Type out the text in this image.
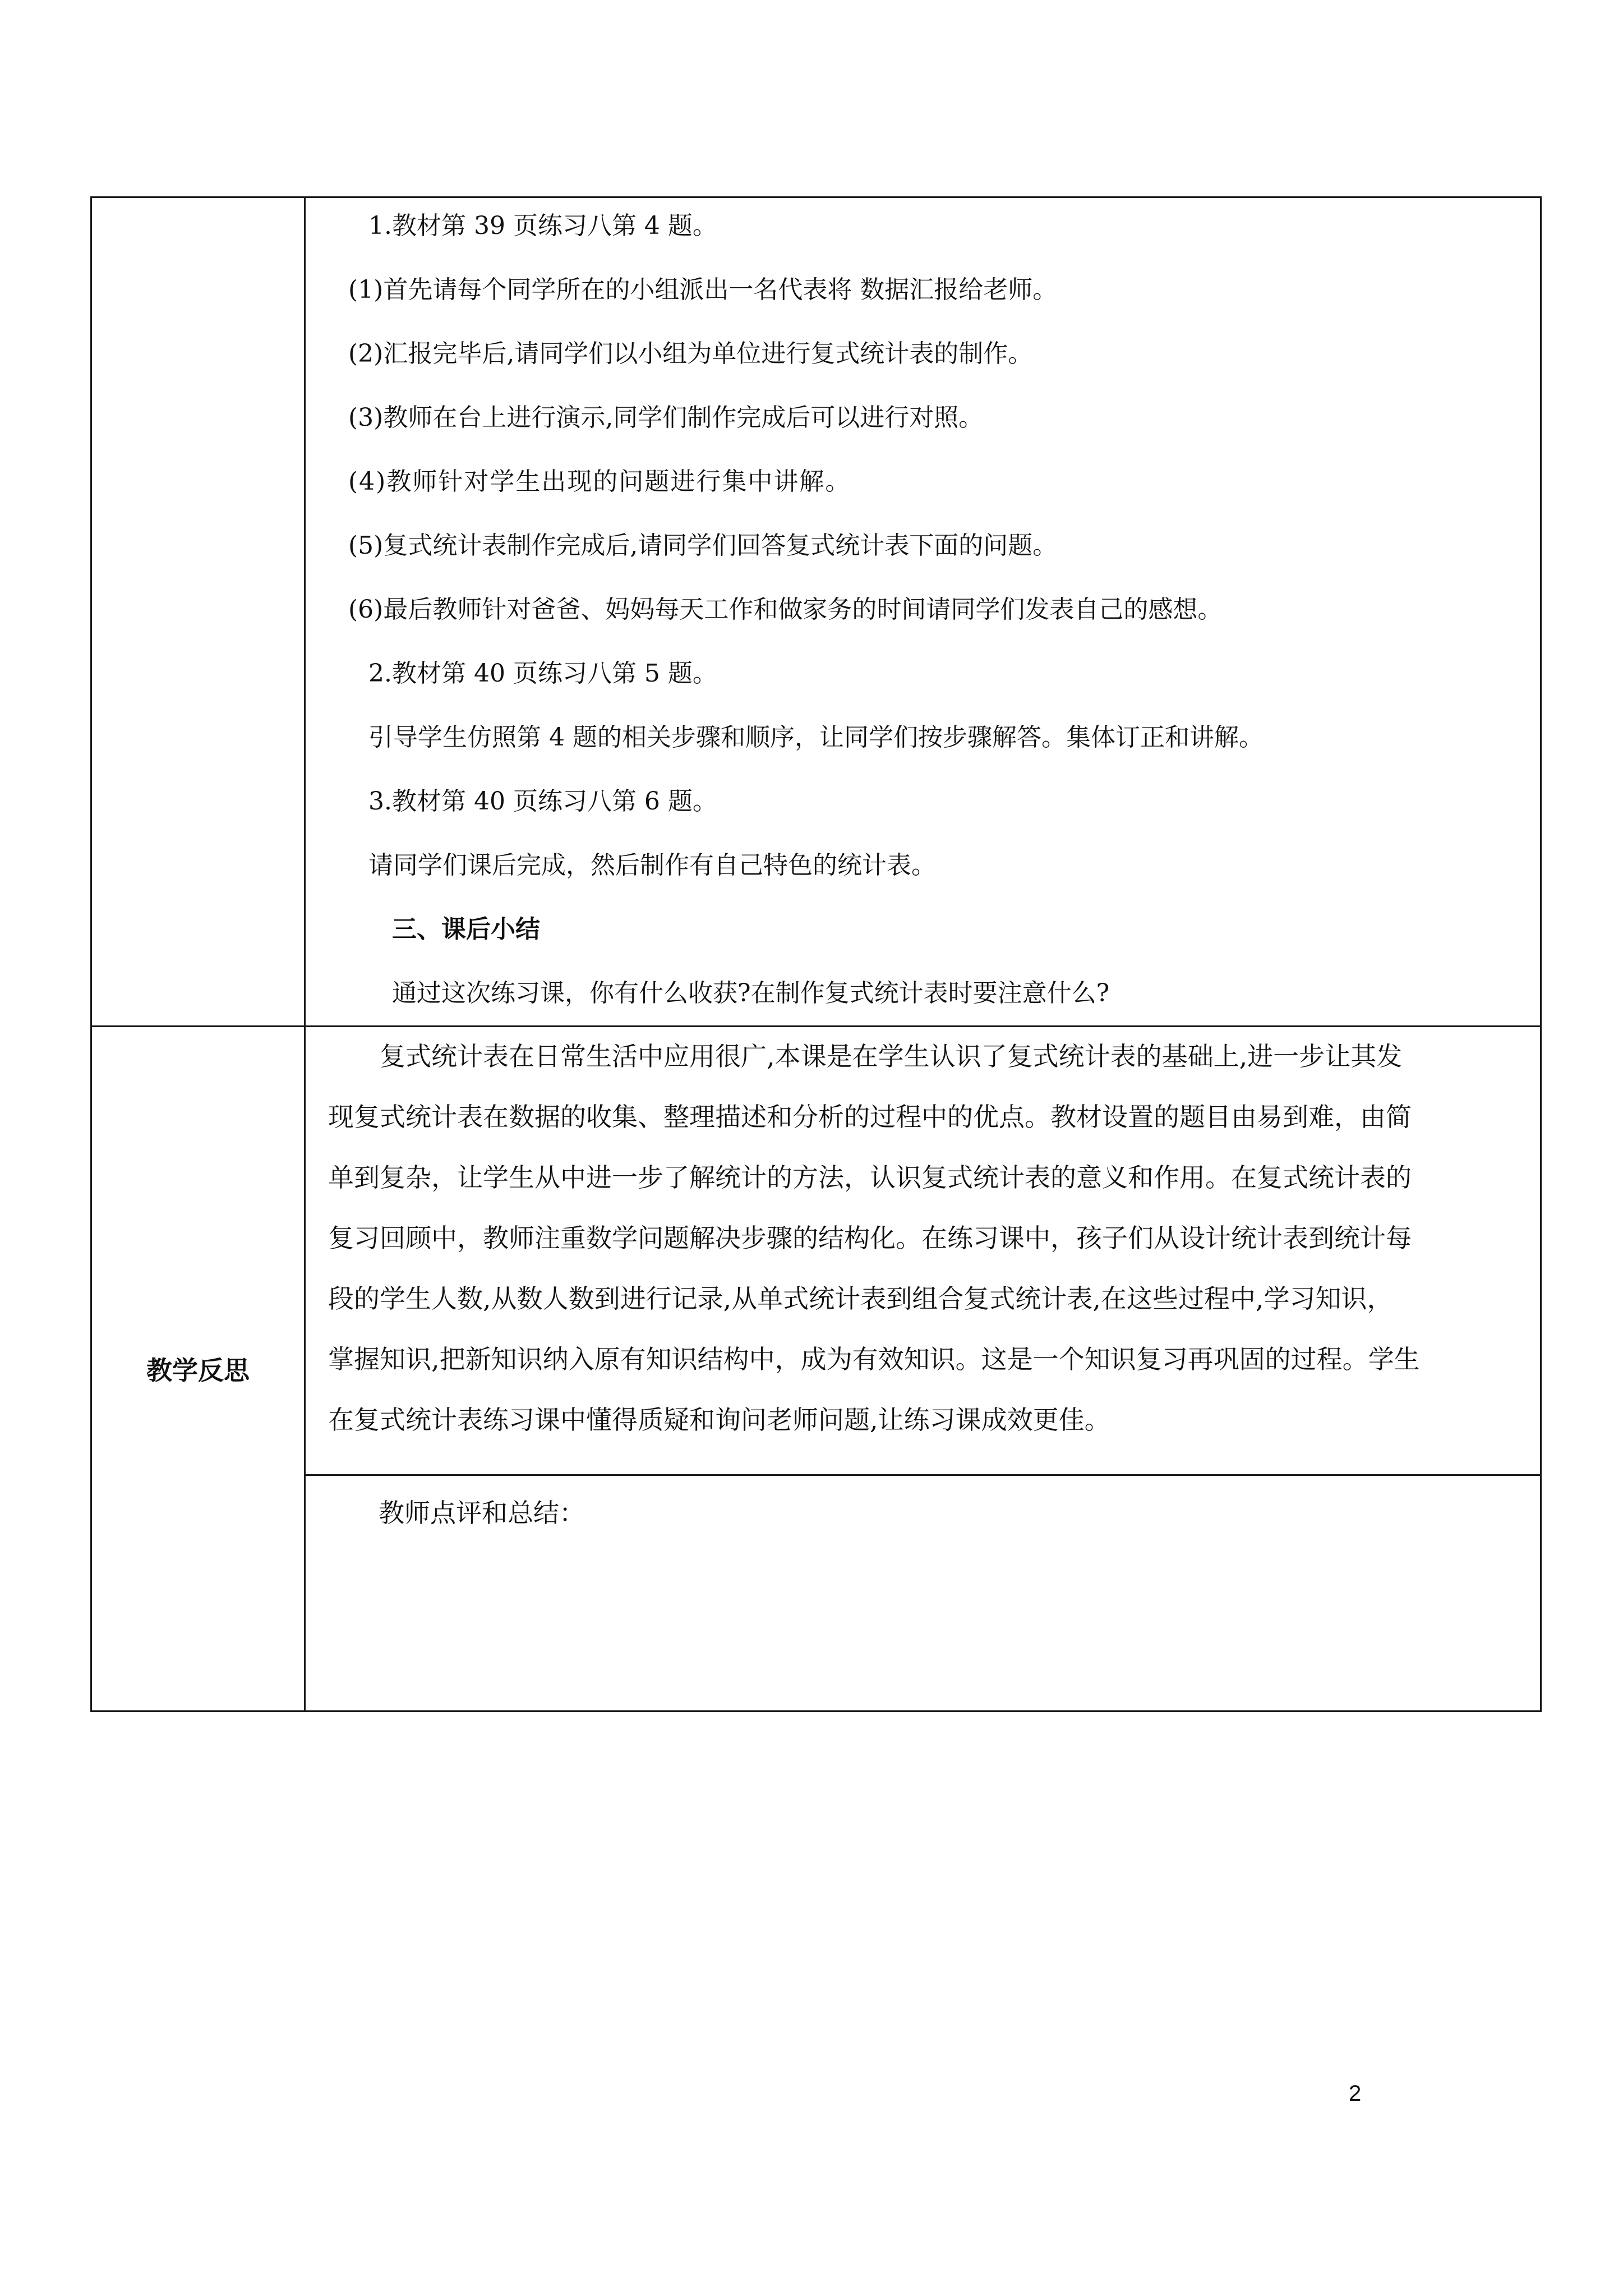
1.教材第 39 页练习八第 4 题。
(1)首先请每个同学所在的小组派出一名代表将 数据汇报给老师。
(2)汇报完毕后,请同学们以小组为单位进行复式统计表的制作。
(3)教师在台上进行演示,同学们制作完成后可以进行对照。
(4)教师针对学生出现的问题进行集中讲解。
(5)复式统计表制作完成后,请同学们回答复式统计表下面的问题。
(6)最后教师针对爸爸、妈妈每天工作和做家务的时间请同学们发表自己的感想。
2.教材第 40 页练习八第 5 题。
引导学生仿照第 4 题的相关步骤和顺序，让同学们按步骤解答。集体订正和讲解。
3.教材第 40 页练习八第 6 题。
请同学们课后完成，然后制作有自己特色的统计表。
三、课后小结
通过这次练习课，你有什么收获?在制作复式统计表时要注意什么?
教学反思
　　复式统计表在日常生活中应用很广,本课是在学生认识了复式统计表的基础上,进一步让其发
现复式统计表在数据的收集、整理描述和分析的过程中的优点。教材设置的题目由易到难，由简
单到复杂，让学生从中进一步了解统计的方法，认识复式统计表的意义和作用。在复式统计表的
复习回顾中，教师注重数学问题解决步骤的结构化。在练习课中，孩子们从设计统计表到统计每
段的学生人数,从数人数到进行记录,从单式统计表到组合复式统计表,在这些过程中,学习知识，
掌握知识,把新知识纳入原有知识结构中，成为有效知识。这是一个知识复习再巩固的过程。学生
在复式统计表练习课中懂得质疑和询问老师问题,让练习课成效更佳。
教师点评和总结：
2
